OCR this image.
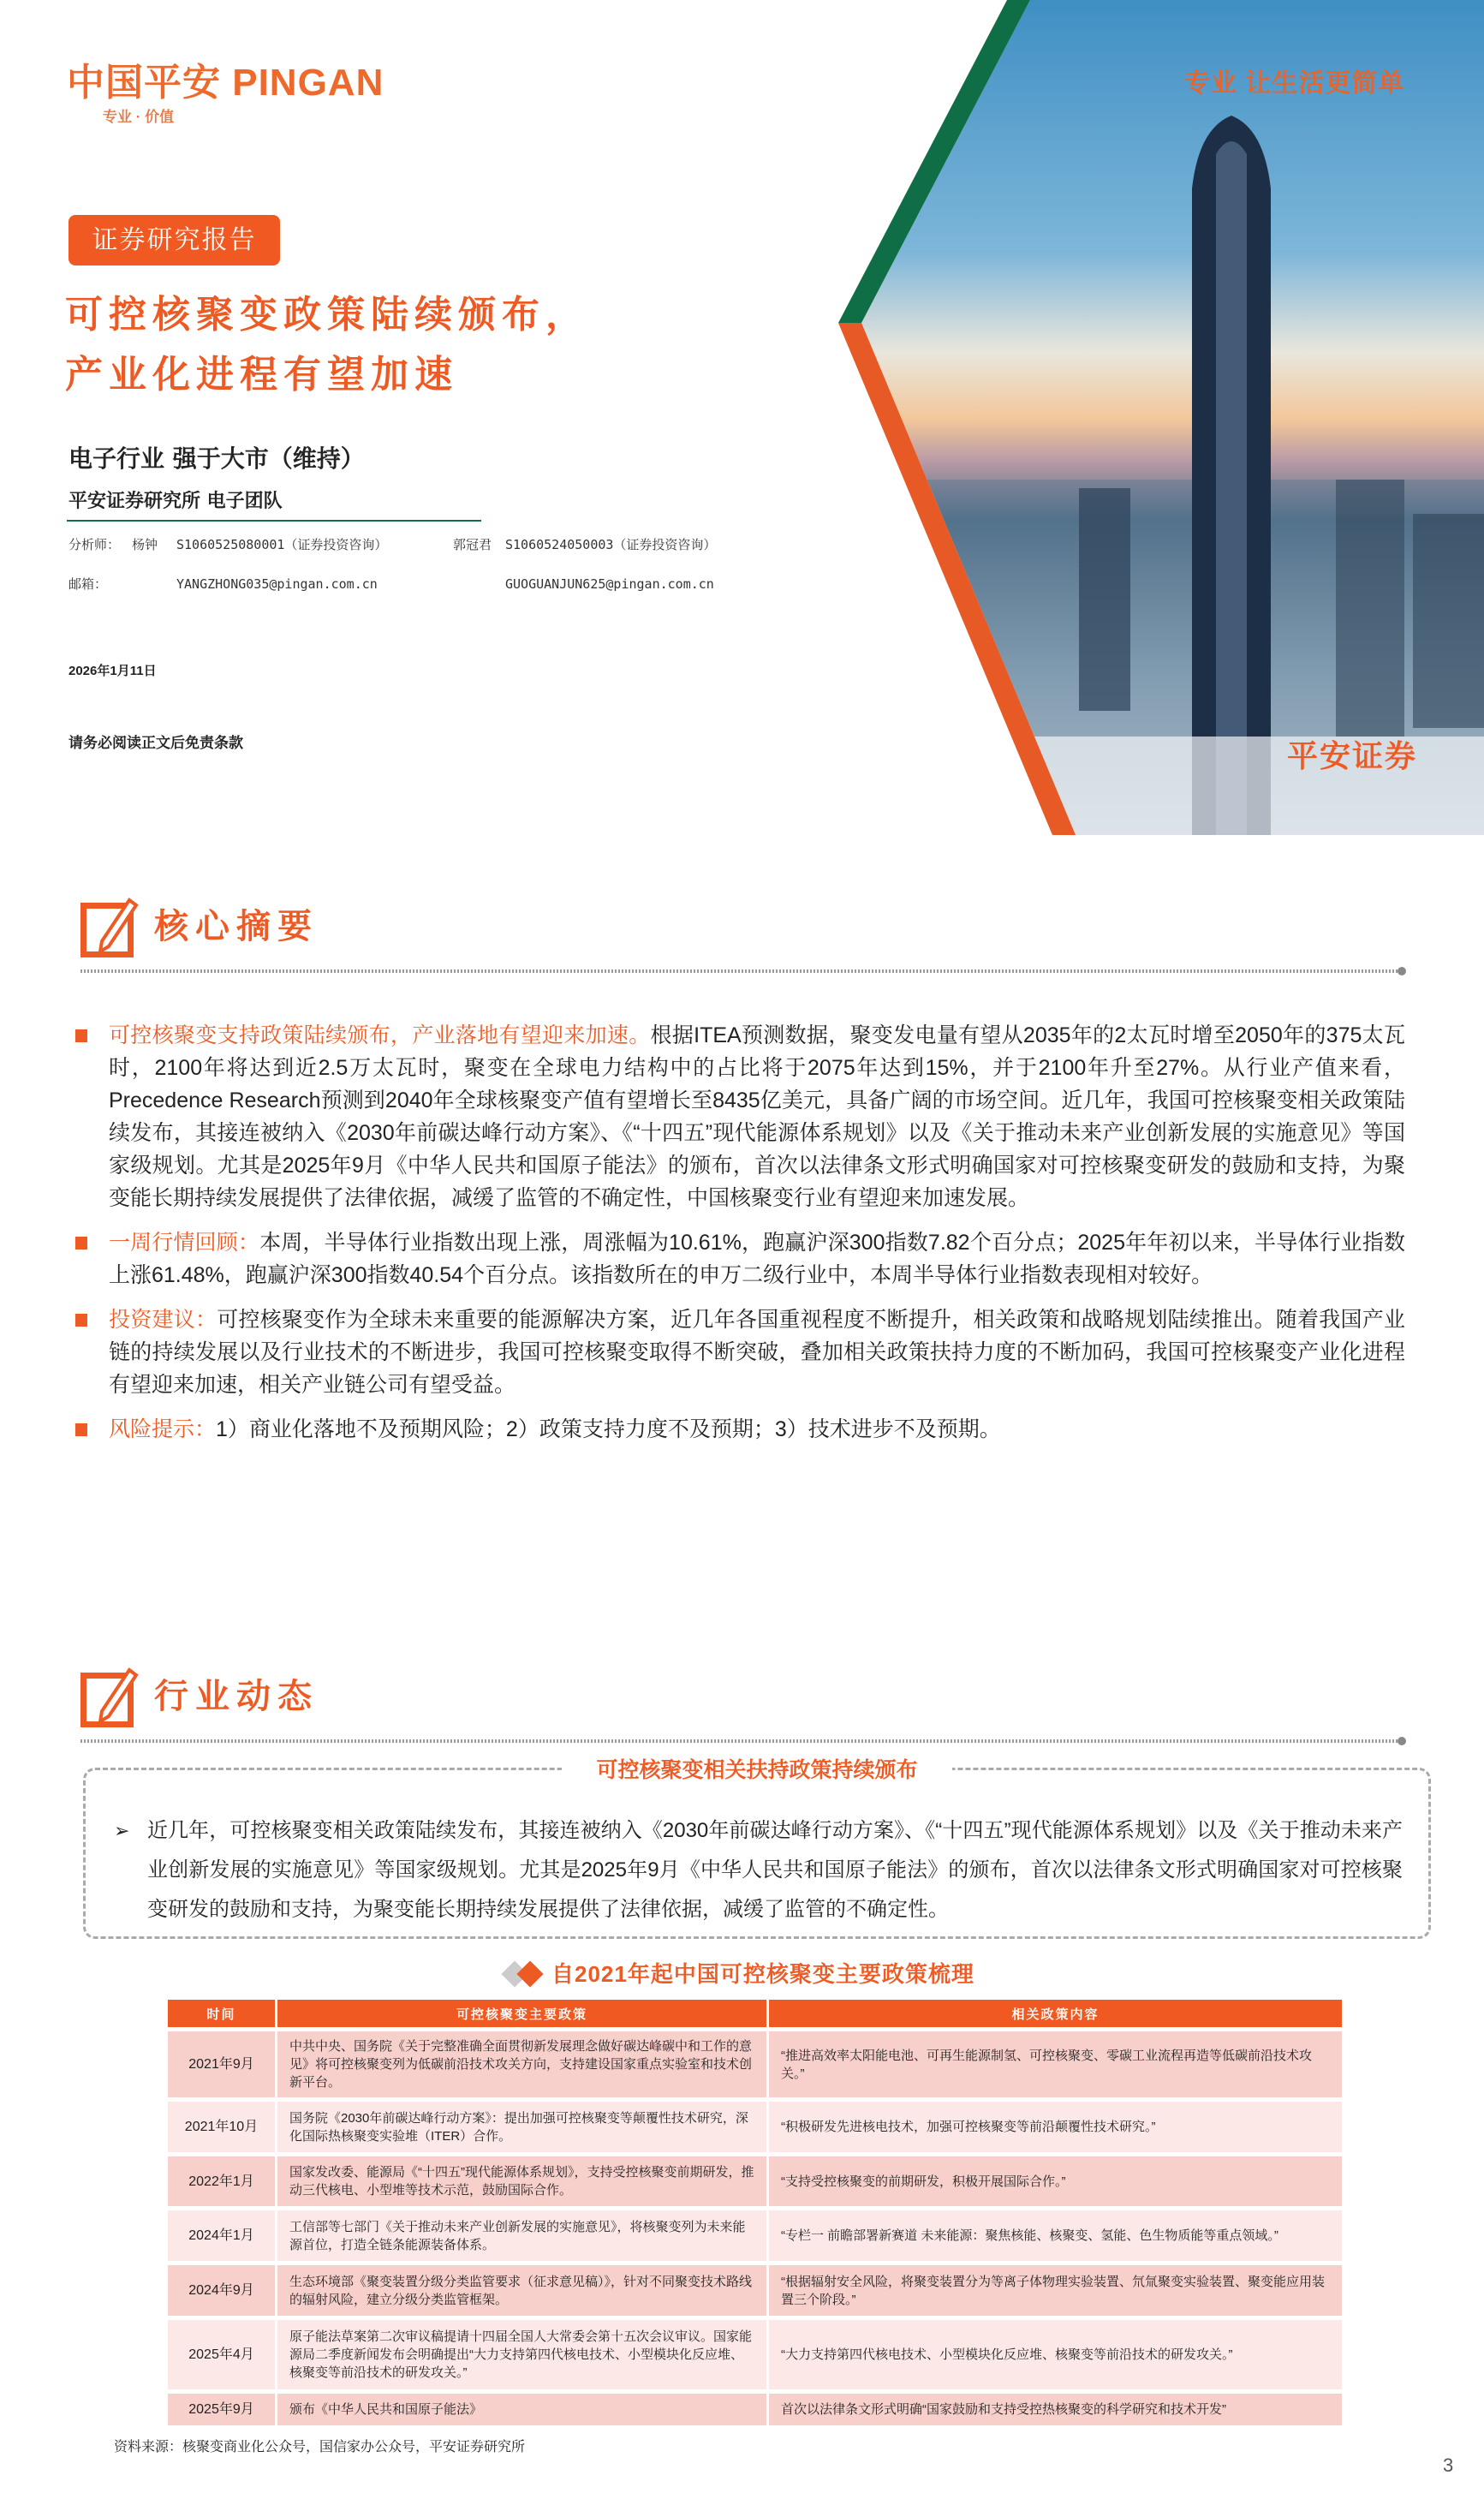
专业 让生活更简单
平安证券
中国平安 PINGAN
专业 · 价值
证券研究报告
可控核聚变政策陆续颁布，
产业化进程有望加速
电子行业 强于大市（维持）
平安证券研究所 电子团队
分析师： 杨钟 S1060525080001（证券投资咨询）	郭冠君 S1060524050003（证券投资咨询）
邮箱：	YANGZHONG035@pingan.com.cn	GUOGUANJUN625@pingan.com.cn
2026年1月11日
请务必阅读正文后免责条款
核心摘要

可控核聚变支持政策陆续颁布，产业落地有望迎来加速。根据ITEA预测数据，聚变发电量有望从2035年的2太瓦时增至2050年的375太瓦时，2100年将达到近2.5万太瓦时，聚变在全球电力结构中的占比将于2075年达到15%，并于2100年升至27%。从行业产值来看，Precedence Research预测到2040年全球核聚变产值有望增长至8435亿美元，具备广阔的市场空间。近几年，我国可控核聚变相关政策陆续发布，其接连被纳入《2030年前碳达峰行动方案》、《“十四五”现代能源体系规划》以及《关于推动未来产业创新发展的实施意见》等国家级规划。尤其是2025年9月《中华人民共和国原子能法》的颁布，首次以法律条文形式明确国家对可控核聚变研发的鼓励和支持，为聚变能长期持续发展提供了法律依据，减缓了监管的不确定性，中国核聚变行业有望迎来加速发展。

一周行情回顾：本周，半导体行业指数出现上涨，周涨幅为10.61%，跑赢沪深300指数7.82个百分点；2025年年初以来，半导体行业指数上涨61.48%，跑赢沪深300指数40.54个百分点。该指数所在的申万二级行业中，本周半导体行业指数表现相对较好。

投资建议：可控核聚变作为全球未来重要的能源解决方案，近几年各国重视程度不断提升，相关政策和战略规划陆续推出。随着我国产业链的持续发展以及行业技术的不断进步，我国可控核聚变取得不断突破，叠加相关政策扶持力度的不断加码，我国可控核聚变产业化进程有望迎来加速，相关产业链公司有望受益。

风险提示：1）商业化落地不及预期风险；2）政策支持力度不及预期；3）技术进步不及预期。

行业动态
可控核聚变相关扶持政策持续颁布
➢ 近几年，可控核聚变相关政策陆续发布，其接连被纳入《2030年前碳达峰行动方案》、《“十四五”现代能源体系规划》以及《关于推动未来产业创新发展的实施意见》等国家级规划。尤其是2025年9月《中华人民共和国原子能法》的颁布，首次以法律条文形式明确国家对可控核聚变研发的鼓励和支持，为聚变能长期持续发展提供了法律依据，减缓了监管的不确定性。
自2021年起中国可控核聚变主要政策梳理
时间	可控核聚变主要政策	相关政策内容
2021年9月	中共中央、国务院《关于完整准确全面贯彻新发展理念做好碳达峰碳中和工作的意见》将可控核聚变列为低碳前沿技术攻关方向，支持建设国家重点实验室和技术创新平台。	“推进高效率太阳能电池、可再生能源制氢、可控核聚变、零碳工业流程再造等低碳前沿技术攻关。”
2021年10月	国务院《2030年前碳达峰行动方案》：提出加强可控核聚变等颠覆性技术研究，深化国际热核聚变实验堆（ITER）合作。	“积极研发先进核电技术，加强可控核聚变等前沿颠覆性技术研究。”
2022年1月	国家发改委、能源局《“十四五”现代能源体系规划》，支持受控核聚变前期研发，推动三代核电、小型堆等技术示范，鼓励国际合作。	“支持受控核聚变的前期研发，积极开展国际合作。”
2024年1月	工信部等七部门《关于推动未来产业创新发展的实施意见》，将核聚变列为未来能源首位，打造全链条能源装备体系。	“专栏一 前瞻部署新赛道 未来能源：聚焦核能、核聚变、氢能、色生物质能等重点领域。”
2024年9月	生态环境部《聚变装置分级分类监管要求（征求意见稿）》，针对不同聚变技术路线的辐射风险，建立分级分类监管框架。	“根据辐射安全风险，将聚变装置分为等离子体物理实验装置、氘氚聚变实验装置、聚变能应用装置三个阶段。”
2025年4月	原子能法草案第二次审议稿提请十四届全国人大常委会第十五次会议审议。国家能源局二季度新闻发布会明确提出“大力支持第四代核电技术、小型模块化反应堆、核聚变等前沿技术的研发攻关。”	“大力支持第四代核电技术、小型模块化反应堆、核聚变等前沿技术的研发攻关。”
2025年9月	颁布《中华人民共和国原子能法》	首次以法律条文形式明确“国家鼓励和支持受控热核聚变的科学研究和技术开发”
资料来源：核聚变商业化公众号，国信家办公众号，平安证券研究所
3
